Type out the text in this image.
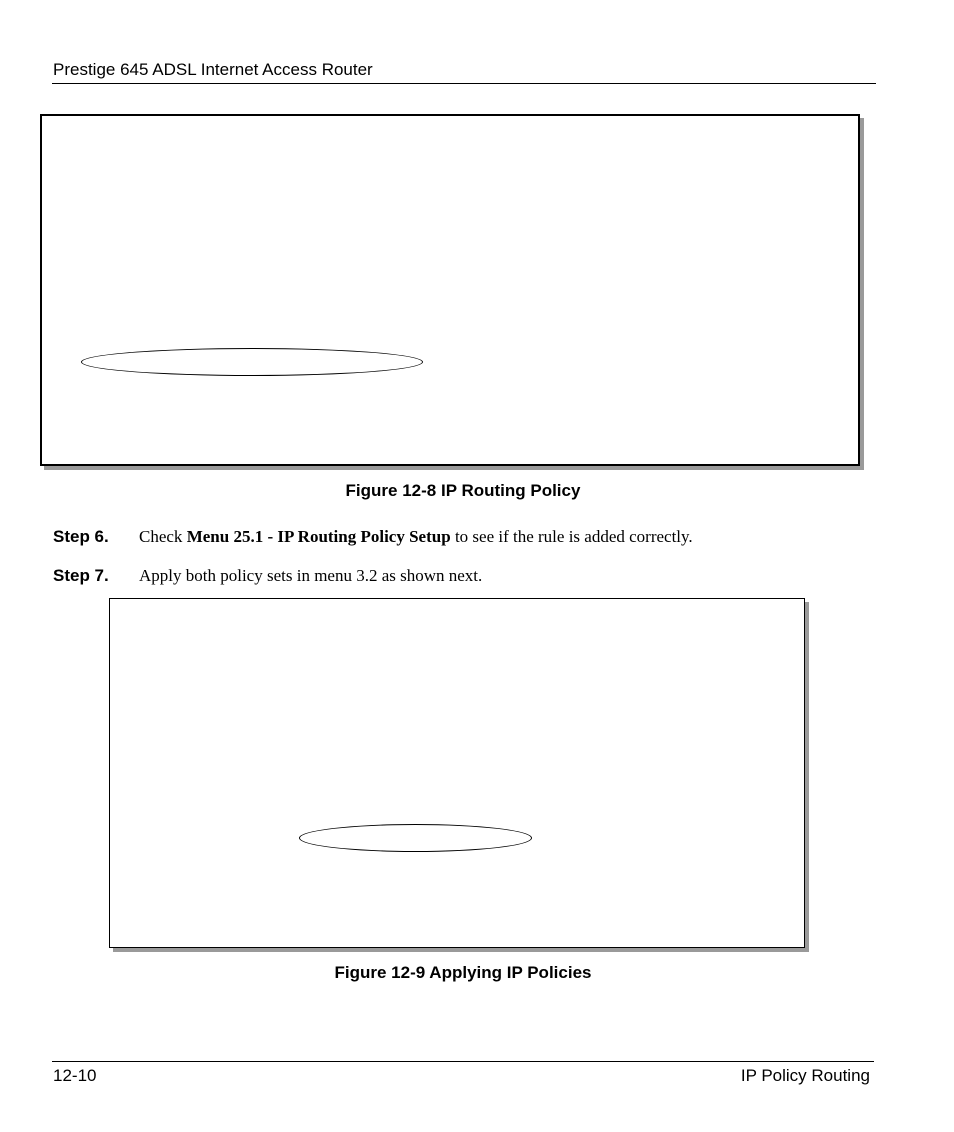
Prestige 645 ADSL Internet Access Router
Figure 12-8 IP Routing Policy
Step 6. Check Menu 25.1 - IP Routing Policy Setup to see if the rule is added correctly.
Step 7. Apply both policy sets in menu 3.2 as shown next.
Figure 12-9 Applying IP Policies
12-10	IP Policy Routing
